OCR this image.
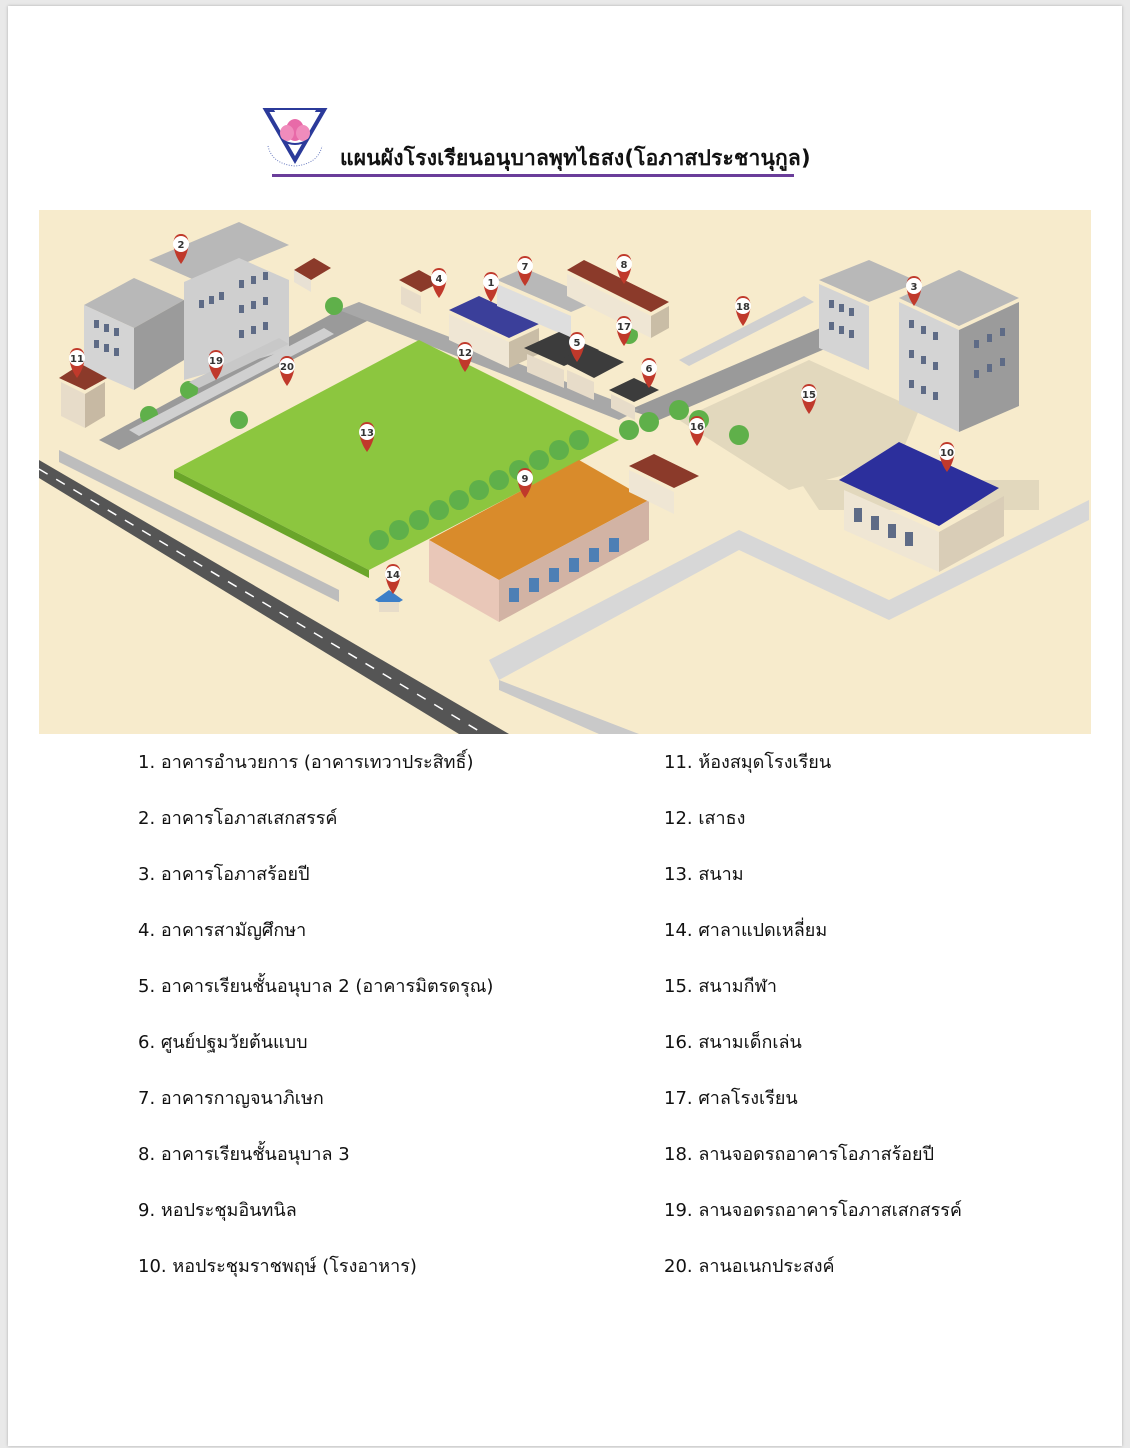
แผนผังโรงเรียนอนุบาลพุทไธสง(โอภาสประชานุกูล)
1
2
3
4
5
6
7	8
9
10
11
12
13
14
15
16
17
18
19
20
1. อาคารอำนวยการ (อาคารเทวาประสิทธิ์)
2. อาคารโอภาสเสกสรรค์
3. อาคารโอภาสร้อยปี
4. อาคารสามัญศึกษา
5. อาคารเรียนชั้นอนุบาล 2 (อาคารมิตรดรุณ)
6. ศูนย์ปฐมวัยต้นแบบ
7. อาคารกาญจนาภิเษก
8. อาคารเรียนชั้นอนุบาล 3
9. หอประชุมอินทนิล
10. หอประชุมราชพฤษ์ (โรงอาหาร)
11. ห้องสมุดโรงเรียน
12. เสาธง
13. สนาม
14. ศาลาแปดเหลี่ยม
15. สนามกีฬา
16. สนามเด็กเล่น
17. ศาลโรงเรียน
18. ลานจอดรถอาคารโอภาสร้อยปี
19. ลานจอดรถอาคารโอภาสเสกสรรค์
20. ลานอเนกประสงค์
